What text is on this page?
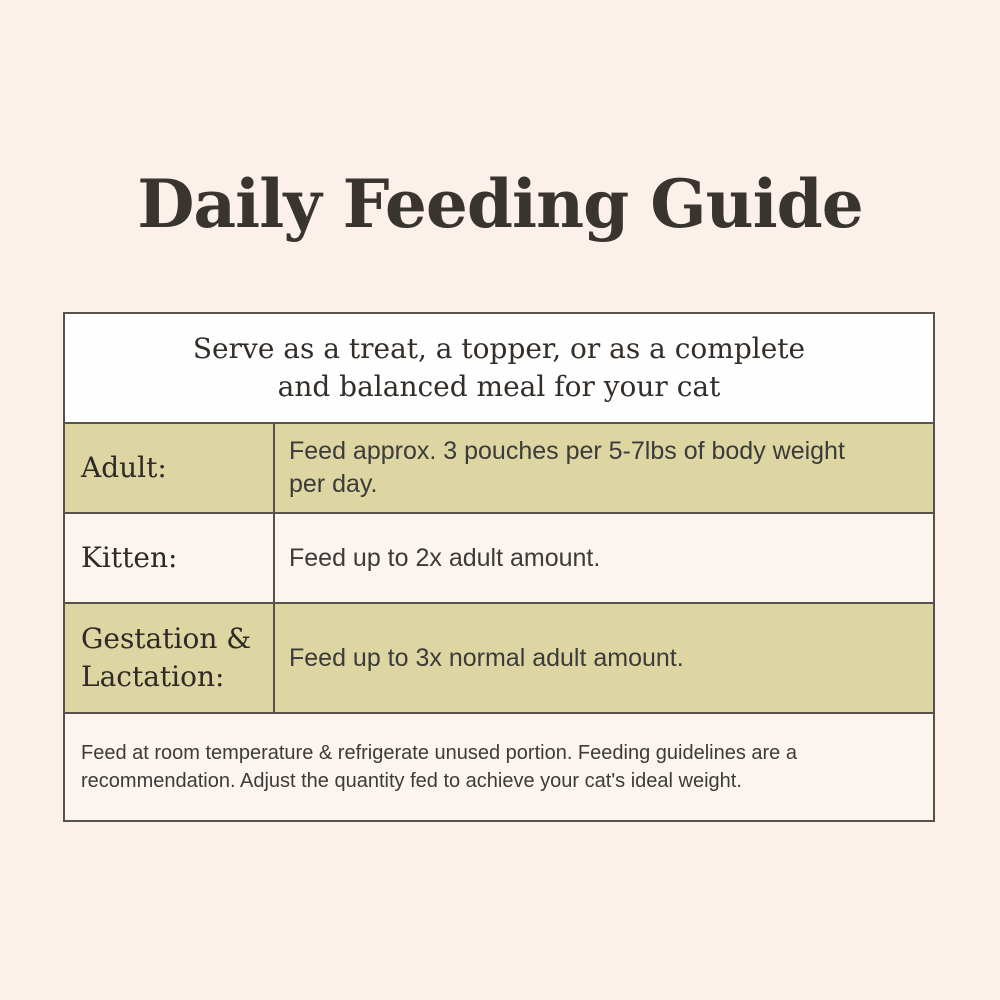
Daily Feeding Guide
Serve as a treat, a topper, or as a complete
and balanced meal for your cat
Adult:	Feed approx. 3 pouches per 5-7lbs of body weight per day.
Kitten:	Feed up to 2x adult amount.
Gestation & Lactation:
Feed up to 3x normal adult amount.
Feed at room temperature & refrigerate unused portion. Feeding guidelines are a recommendation. Adjust the quantity fed to achieve your cat's ideal weight.
